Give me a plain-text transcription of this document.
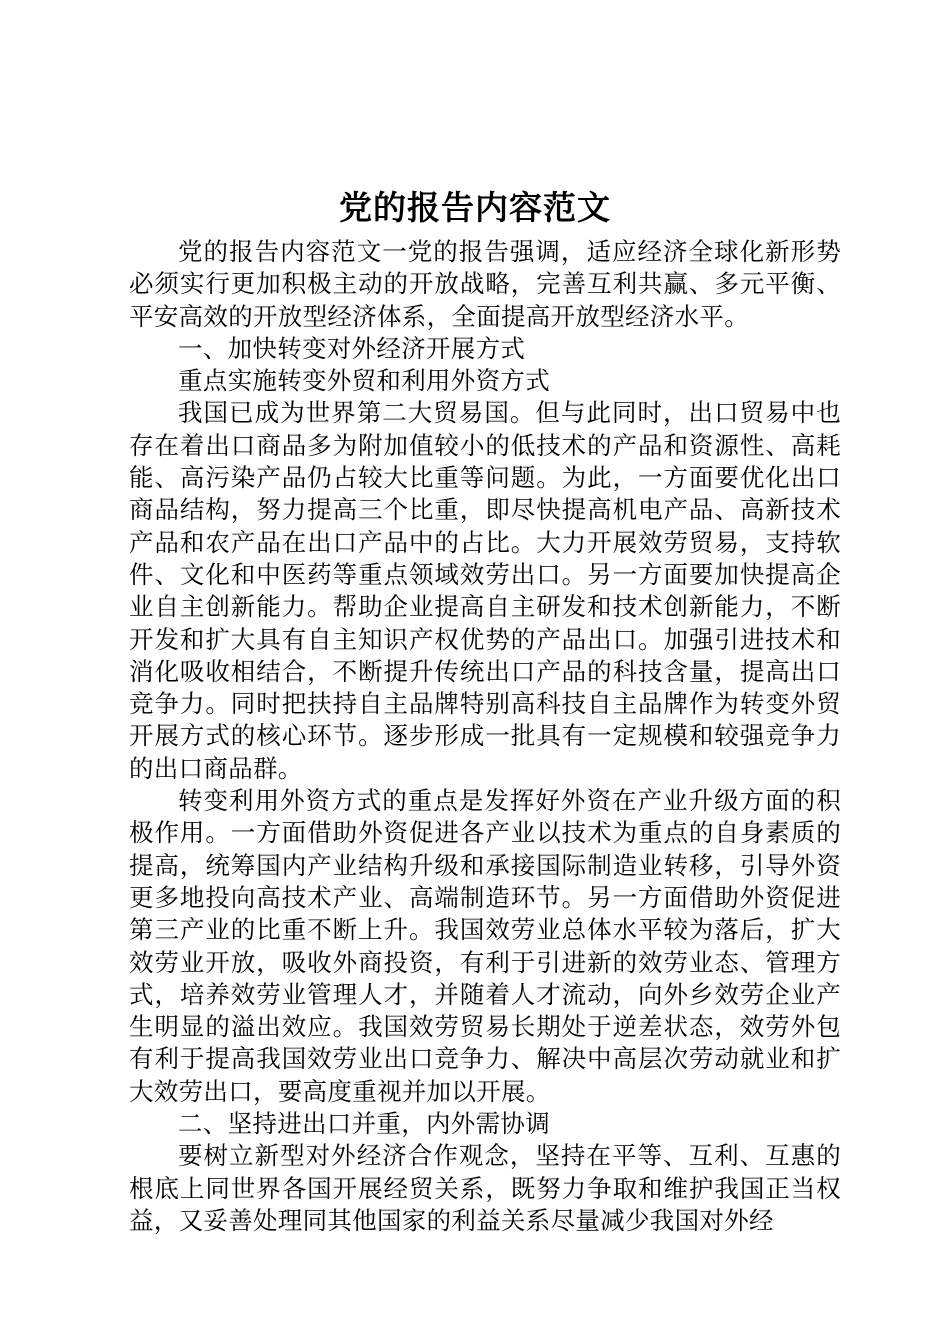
党的报告内容范文

党的报告内容范文一党的报告强调，适应经济全球化新形势必须实行更加积极主动的开放战略，完善互利共赢、多元平衡、平安高效的开放型经济体系，全面提高开放型经济水平。

一、加快转变对外经济开展方式

重点实施转变外贸和利用外资方式

我国已成为世界第二大贸易国。但与此同时，出口贸易中也存在着出口商品多为附加值较小的低技术的产品和资源性、高耗能、高污染产品仍占较大比重等问题。为此，一方面要优化出口商品结构，努力提高三个比重，即尽快提高机电产品、高新技术产品和农产品在出口产品中的占比。大力开展效劳贸易，支持软件、文化和中医药等重点领域效劳出口。另一方面要加快提高企业自主创新能力。帮助企业提高自主研发和技术创新能力，不断开发和扩大具有自主知识产权优势的产品出口。加强引进技术和消化吸收相结合，不断提升传统出口产品的科技含量，提高出口竞争力。同时把扶持自主品牌特别高科技自主品牌作为转变外贸开展方式的核心环节。逐步形成一批具有一定规模和较强竞争力的出口商品群。

转变利用外资方式的重点是发挥好外资在产业升级方面的积极作用。一方面借助外资促进各产业以技术为重点的自身素质的提高，统筹国内产业结构升级和承接国际制造业转移，引导外资更多地投向高技术产业、高端制造环节。另一方面借助外资促进第三产业的比重不断上升。我国效劳业总体水平较为落后，扩大效劳业开放，吸收外商投资，有利于引进新的效劳业态、管理方式，培养效劳业管理人才，并随着人才流动，向外乡效劳企业产生明显的溢出效应。我国效劳贸易长期处于逆差状态，效劳外包有利于提高我国效劳业出口竞争力、解决中高层次劳动就业和扩大效劳出口，要高度重视并加以开展。

二、坚持进出口并重，内外需协调

要树立新型对外经济合作观念，坚持在平等、互利、互惠的根底上同世界各国开展经贸关系，既努力争取和维护我国正当权益，又妥善处理同其他国家的利益关系尽量减少我国对外经
